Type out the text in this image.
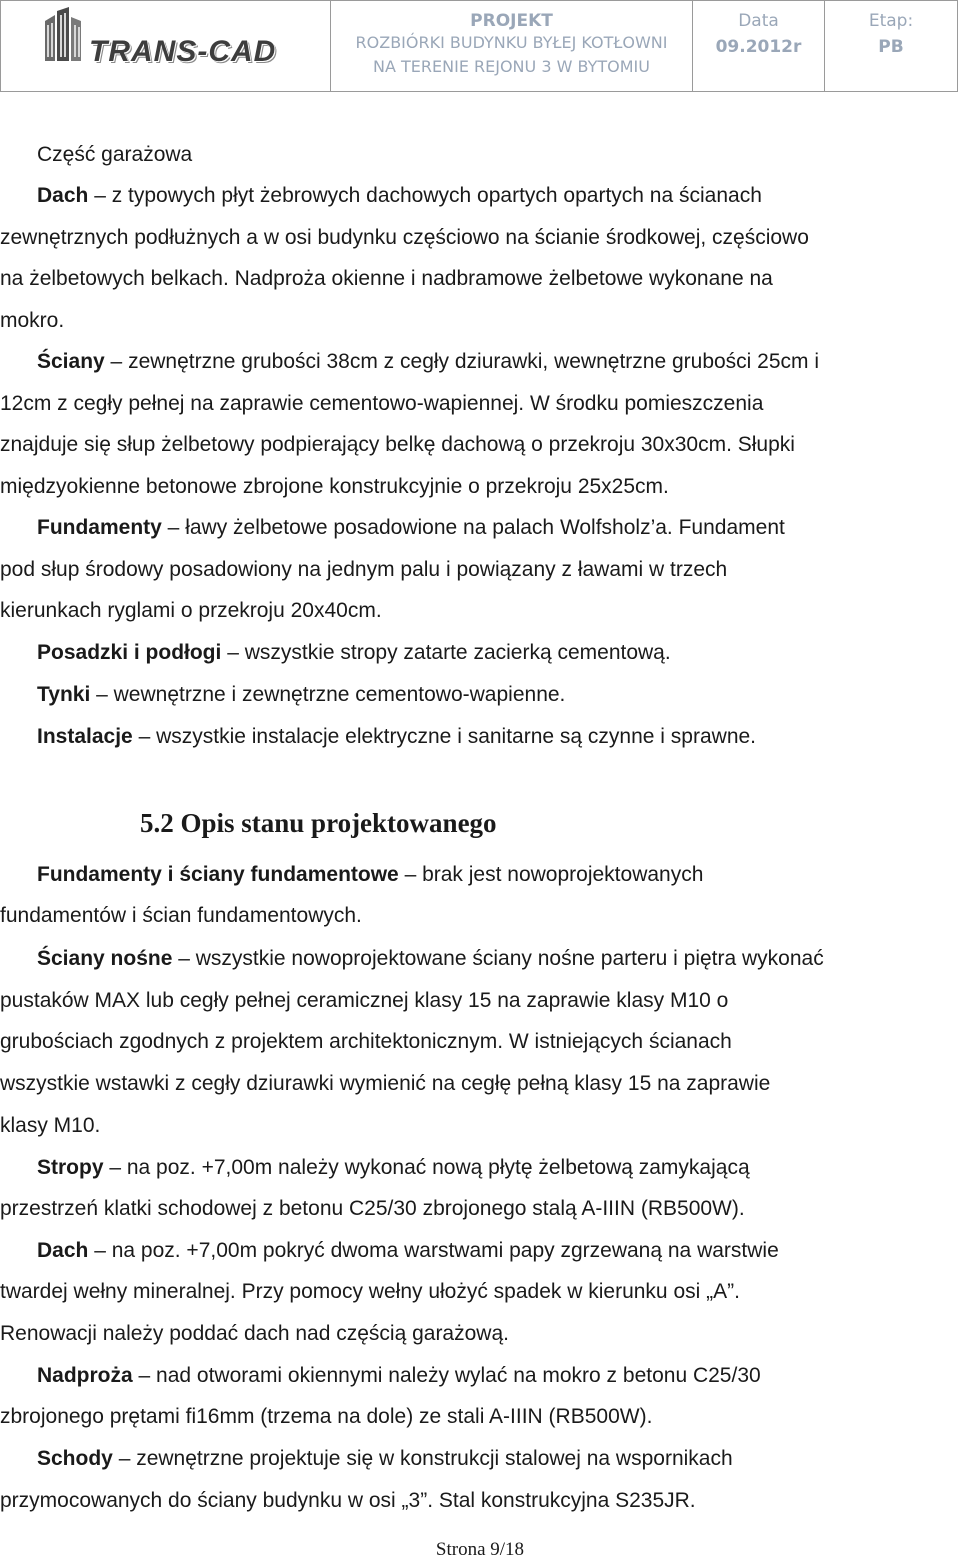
TRANS-CAD
PROJEKT
ROZBIÓRKI BUDYNKU BYŁEJ KOTŁOWNI
NA TERENIE REJONU 3 W BYTOMIU
Data
09.2012r
Etap:
PB
Część garażowa
Dach – z typowych płyt żebrowych dachowych opartych opartych na ścianach
zewnętrznych podłużnych a w osi budynku częściowo na ścianie środkowej, częściowo
na żelbetowych belkach. Nadproża okienne i nadbramowe żelbetowe wykonane na
mokro.
Ściany – zewnętrzne grubości 38cm z cegły dziurawki, wewnętrzne grubości 25cm i
12cm z cegły pełnej na zaprawie cementowo-wapiennej. W środku pomieszczenia
znajduje się słup żelbetowy podpierający belkę dachową o przekroju 30x30cm. Słupki
międzyokienne betonowe zbrojone konstrukcyjnie o przekroju 25x25cm.
Fundamenty – ławy żelbetowe posadowione na palach Wolfsholz’a. Fundament
pod słup środowy posadowiony na jednym palu i powiązany z ławami w trzech
kierunkach ryglami o przekroju 20x40cm.
Posadzki i podłogi – wszystkie stropy zatarte zacierką cementową.
Tynki – wewnętrzne i zewnętrzne cementowo-wapienne.
Instalacje – wszystkie instalacje elektryczne i sanitarne są czynne i sprawne.
5.2 Opis stanu projektowanego
Fundamenty i ściany fundamentowe – brak jest nowoprojektowanych
fundamentów i ścian fundamentowych.
Ściany nośne – wszystkie nowoprojektowane ściany nośne parteru i piętra wykonać
pustaków MAX lub cegły pełnej ceramicznej klasy 15 na zaprawie klasy M10 o
grubościach zgodnych z projektem architektonicznym. W istniejących ścianach
wszystkie wstawki z cegły dziurawki wymienić na cegłę pełną klasy 15 na zaprawie
klasy M10.
Stropy – na poz. +7,00m należy wykonać nową płytę żelbetową zamykającą
przestrzeń klatki schodowej z betonu C25/30 zbrojonego stalą A-IIIN (RB500W).
Dach – na poz. +7,00m pokryć dwoma warstwami papy zgrzewaną na warstwie
twardej wełny mineralnej. Przy pomocy wełny ułożyć spadek w kierunku osi „A”.
Renowacji należy poddać dach nad częścią garażową.
Nadproża – nad otworami okiennymi należy wylać na mokro z betonu C25/30
zbrojonego prętami fi16mm (trzema na dole) ze stali A-IIIN (RB500W).
Schody – zewnętrzne projektuje się w konstrukcji stalowej na wspornikach
przymocowanych do ściany budynku w osi „3”. Stal konstrukcyjna S235JR.
Strona 9/18
